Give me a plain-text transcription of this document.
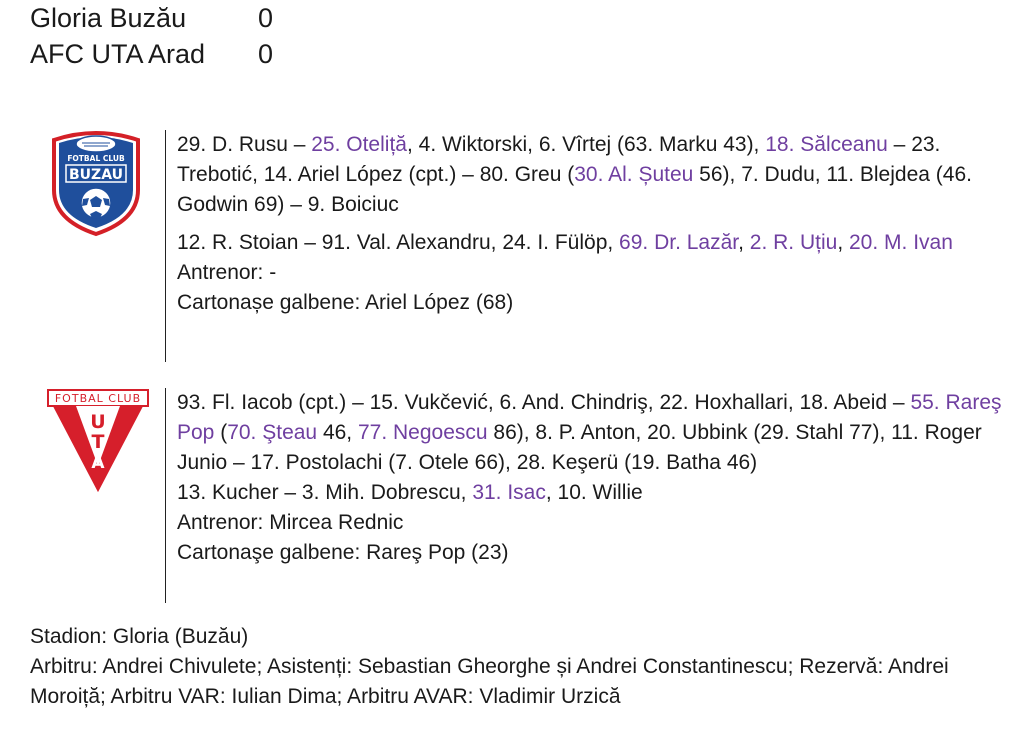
Gloria Buzău	0
AFC UTA Arad	0
FOTBAL CLUB
BUZAU

29. D. Rusu – 25. Oteliță, 4. Wiktorski, 6. Vîrtej (63. Marku 43), 18. Sălceanu – 23. Trebotić, 14. Ariel López (cpt.) – 80. Greu (30. Al. Șuteu 56), 7. Dudu, 11. Blejdea (46. Godwin 69) – 9. Boiciuc

12. R. Stoian – 91. Val. Alexandru, 24. I. Fülöp, 69. Dr. Lazăr, 2. R. Uțiu, 20. M. Ivan

Antrenor: -

Cartonașe galbene: Ariel López (68)

FOTBAL CLUB
U
T
A

93. Fl. Iacob (cpt.) – 15. Vukčević, 6. And. Chindriş, 22. Hoxhallari, 18. Abeid – 55. Rareş Pop (70. Şteau 46, 77. Negoescu 86), 8. P. Anton, 20. Ubbink (29. Stahl 77), 11. Roger Junio – 17. Postolachi (7. Otele 66), 28. Keşerü (19. Batha 46)

13. Kucher – 3. Mih. Dobrescu, 31. Isac, 10. Willie

Antrenor: Mircea Rednic

Cartonaşe galbene: Rareş Pop (23)

Stadion: Gloria (Buzău)
Arbitru: Andrei Chivulete; Asistenți: Sebastian Gheorghe și Andrei Constantinescu; Rezervă: Andrei Moroiță; Arbitru VAR: Iulian Dima; Arbitru AVAR: Vladimir Urzică
